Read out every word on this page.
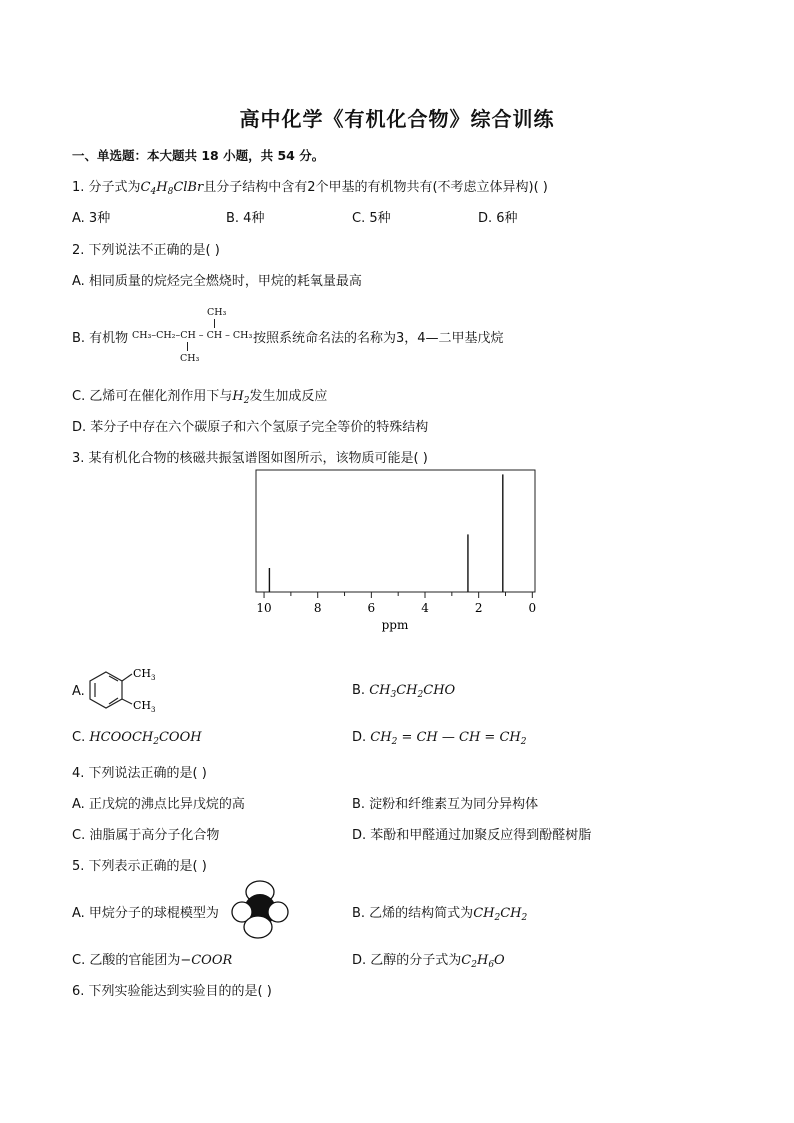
高中化学《有机化合物》综合训练
一、单选题：本大题共 18 小题，共 54 分。
1. 分子式为$C_4H_8ClBr$且分子结构中含有2个甲基的有机物共有(不考虑立体异构)( )
A. 3种	B. 4种	C. 5种	D. 6种
2. 下列说法不正确的是( )
A. 相同质量的烷烃完全燃烧时，甲烷的耗氧量最高
B. 有机物
CH₃
CH₃–CH₂–CH – CH – CH₃
CH₃
按照系统命名法的名称为3，4—二甲基戊烷
C. 乙烯可在催化剂作用下与$H_2$发生加成反应
D. 苯分子中存在六个碳原子和六个氢原子完全等价的特殊结构
3. 某有机化合物的核磁共振氢谱图如图所示，该物质可能是( )
10	8	6	4	2	0
ppm
A.
$CH_3$
$CH_3$
B. $CH_3CH_2CHO$
C. $HCOOCH_2COOH$	D. $CH_2$ = CH — CH = $CH_2$
4. 下列说法正确的是( )
A. 正戊烷的沸点比异戊烷的高	B. 淀粉和纤维素互为同分异构体
C. 油脂属于高分子化合物	D. 苯酚和甲醛通过加聚反应得到酚醛树脂
5. 下列表示正确的是( )
A. 甲烷分子的球棍模型为	B. 乙烯的结构简式为$CH_2CH_2$
C. 乙酸的官能团为−COOR	D. 乙醇的分子式为$C_2H_6O$
6. 下列实验能达到实验目的的是( )
